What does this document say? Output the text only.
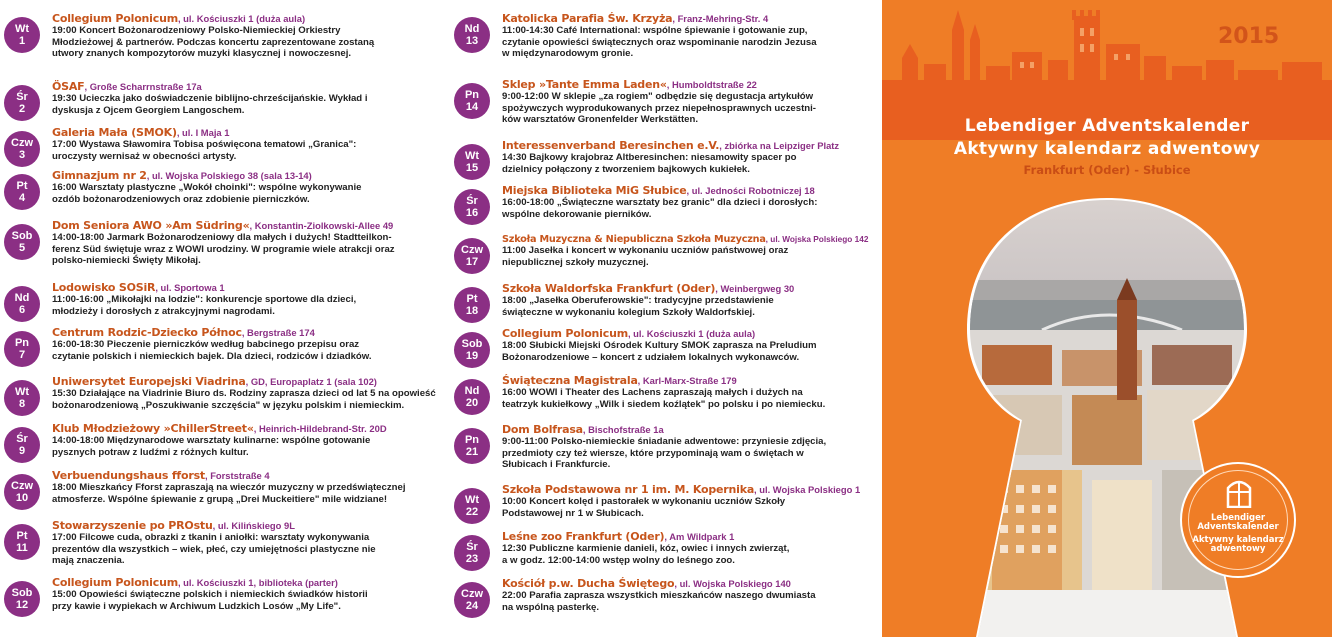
Wt
1
Collegium Polonicum, ul. Kościuszki 1 (duża aula)
19:00 Koncert Bożonarodzeniowy Polsko-Niemieckiej Orkiestry
Młodzieżowej & partnerów. Podczas koncertu zaprezentowane zostaną
utwory znanych kompozytorów muzyki klasycznej i nowoczesnej.
Śr
2
ÖSAF, Große Scharrnstraße 17a
19:30 Ucieczka jako doświadczenie biblijno-chrześcijańskie. Wykład i
dyskusja z Ojcem Georgiem Langoschem.
Czw
3
Galeria Mała (SMOK), ul. I Maja 1
17:00 Wystawa Sławomira Tobisa poświęcona tematowi „Granica":
uroczysty wernisaż w obecności artysty.
Pt
4
Gimnazjum nr 2, ul. Wojska Polskiego 38 (sala 13-14)
16:00 Warsztaty plastyczne „Wokół choinki": wspólne wykonywanie
ozdób bożonarodzeniowych oraz zdobienie pierniczków.
Sob
5
Dom Seniora AWO »Am Südring«, Konstantin-Ziolkowski-Allee 49
14:00-18:00 Jarmark Bożonarodzeniowy dla małych i dużych! Stadtteilkon-
ferenz Süd świętuje wraz z WOWI urodziny. W programie wiele atrakcji oraz
polsko-niemiecki Święty Mikołaj.
Nd
6
Lodowisko SOSiR, ul. Sportowa 1
11:00-16:00 „Mikołajki na lodzie": konkurencje sportowe dla dzieci,
młodzieży i dorosłych z atrakcyjnymi nagrodami.
Pn
7
Centrum Rodzic-Dziecko Północ, Bergstraße 174
16:00-18:30 Pieczenie pierniczków według babcinego przepisu oraz
czytanie polskich i niemieckich bajek. Dla dzieci, rodziców i dziadków.
Wt
8
Uniwersytet Europejski Viadrina, GD, Europaplatz 1 (sala 102)
15:30 Działające na Viadrinie Biuro ds. Rodziny zaprasza dzieci od lat 5 na opowieść
bożonarodzeniową „Poszukiwanie szczęścia" w języku polskim i niemieckim.
Śr
9
Klub Młodzieżowy »ChillerStreet«, Heinrich-Hildebrand-Str. 20D
14:00-18:00 Międzynarodowe warsztaty kulinarne: wspólne gotowanie
pysznych potraw z ludźmi z różnych kultur.
Czw
10
Verbuendungshaus fforst, Forststraße 4
18:00 Mieszkańcy Fforst zapraszają na wieczór muzyczny w przedświątecznej
atmosferze. Wspólne śpiewanie z grupą „Drei Muckeitiere" mile widziane!
Pt
11
Stowarzyszenie po PROstu, ul. Kilińskiego 9L
17:00 Filcowe cuda, obrazki z tkanin i aniołki: warsztaty wykonywania
prezentów dla wszystkich – wiek, płeć, czy umiejętności plastyczne nie
mają znaczenia.
Sob
12
Collegium Polonicum, ul. Kościuszki 1, biblioteka (parter)
15:00 Opowieści świąteczne polskich i niemieckich świadków historii
przy kawie i wypiekach w Archiwum Ludzkich Losów „My Life".
Nd
13
Katolicka Parafia Św. Krzyża, Franz-Mehring-Str. 4
11:00-14:30 Café International: wspólne śpiewanie i gotowanie zup,
czytanie opowieści świątecznych oraz wspominanie narodzin Jezusa
w międzynarodowym gronie.
Pn
14
Sklep »Tante Emma Laden«, Humboldtstraße 22
9:00-12:00 W sklepie „za rogiem" odbędzie się degustacja artykułów
spożywczych wyprodukowanych przez niepełnosprawnych uczestni-
ków warsztatów Gronenfelder Werkstätten.
Wt
15
Interessenverband Beresinchen e.V., zbiórka na Leipziger Platz
14:30 Bajkowy krajobraz Altberesinchen: niesamowity spacer po
dzielnicy połączony z tworzeniem bajkowych kukiełek.
Śr
16
Miejska Biblioteka MiG Słubice, ul. Jedności Robotniczej 18
16:00-18:00 „Świąteczne warsztaty bez granic" dla dzieci i dorosłych:
wspólne dekorowanie pierników.
Czw
17
Szkoła Muzyczna & Niepubliczna Szkoła Muzyczna, ul. Wojska Polskiego 142
11:00 Jasełka i koncert w wykonaniu uczniów państwowej oraz
niepublicznej szkoły muzycznej.
Pt
18
Szkoła Waldorfska Frankfurt (Oder), Weinbergweg 30
18:00 „Jasełka Oberuferowskie": tradycyjne przedstawienie
świąteczne w wykonaniu kolegium Szkoły Waldorfskiej.
Sob
19
Collegium Polonicum, ul. Kościuszki 1 (duża aula)
18:00 Słubicki Miejski Ośrodek Kultury SMOK zaprasza na Preludium
Bożonarodzeniowe – koncert z udziałem lokalnych wykonawców.
Nd
20
Świąteczna Magistrala, Karl-Marx-Straße 179
16:00 WOWI i Theater des Lachens zapraszają małych i dużych na
teatrzyk kukiełkowy „Wilk i siedem koźlątek" po polsku i po niemiecku.
Pn
21
Dom Bolfrasa, Bischofstraße 1a
9:00-11:00 Polsko-niemieckie śniadanie adwentowe: przyniesie zdjęcia,
przedmioty czy też wiersze, które przypominają wam o świętach w
Słubicach i Frankfurcie.
Wt
22
Szkoła Podstawowa nr 1 im. M. Kopernika, ul. Wojska Polskiego 1
10:00 Koncert kolęd i pastorałek w wykonaniu uczniów Szkoły
Podstawowej nr 1 w Słubicach.
Śr
23
Leśne zoo Frankfurt (Oder), Am Wildpark 1
12:30 Publiczne karmienie danieli, kóz, owiec i innych zwierząt,
a w godz. 12:00-14:00 wstęp wolny do leśnego zoo.
Czw
24
Kościół p.w. Ducha Świętego, ul. Wojska Polskiego 140
22:00 Parafia zaprasza wszystkich mieszkańców naszego dwumiasta
na wspólną pasterkę.
2015
Lebendiger Adventskalender
Aktywny kalendarz adwentowy
Frankfurt (Oder) - Słubice
Lebendiger
Adventskalender
Aktywny kalendarz
adwentowy
